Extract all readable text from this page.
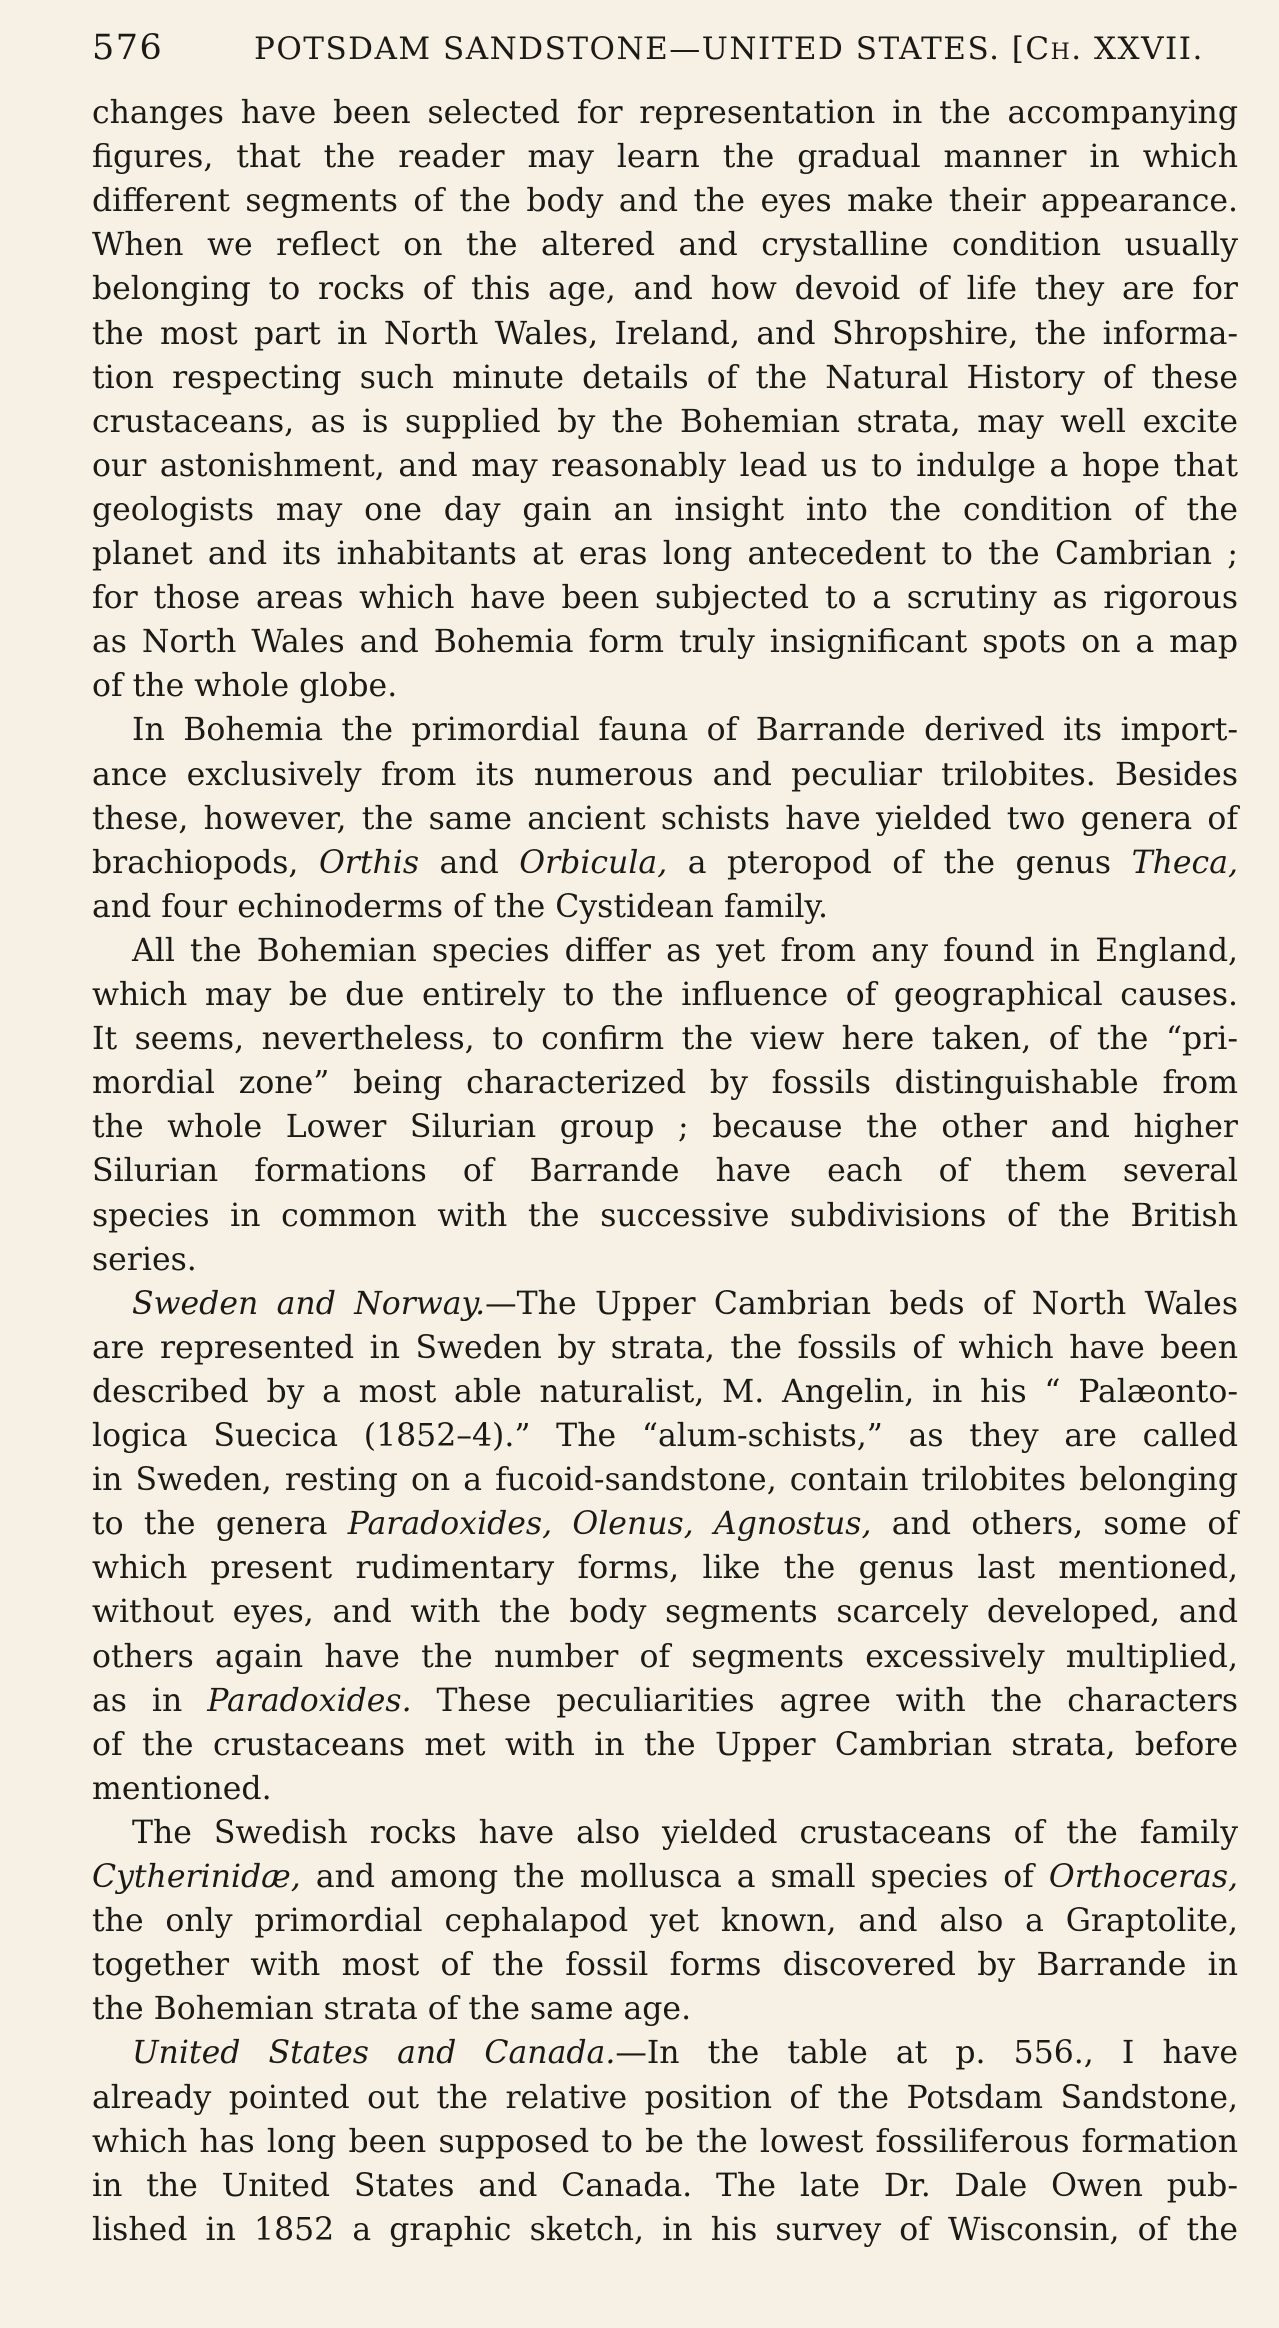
576	POTSDAM SANDSTONE—UNITED STATES. [Ch. XXVII.
changes have been selected for representation in the accompanying
figures, that the reader may learn the gradual manner in which
different segments of the body and the eyes make their appearance.
When we reflect on the altered and crystalline condition usually
belonging to rocks of this age, and how devoid of life they are for
the most part in North Wales, Ireland, and Shropshire, the informa-
tion respecting such minute details of the Natural History of these
crustaceans, as is supplied by the Bohemian strata, may well excite
our astonishment, and may reasonably lead us to indulge a hope that
geologists may one day gain an insight into the condition of the
planet and its inhabitants at eras long antecedent to the Cambrian ;
for those areas which have been subjected to a scrutiny as rigorous
as North Wales and Bohemia form truly insignificant spots on a map
of the whole globe.
In Bohemia the primordial fauna of Barrande derived its import-
ance exclusively from its numerous and peculiar trilobites. Besides
these, however, the same ancient schists have yielded two genera of
brachiopods, Orthis and Orbicula, a pteropod of the genus Theca,
and four echinoderms of the Cystidean family.
All the Bohemian species differ as yet from any found in England,
which may be due entirely to the influence of geographical causes.
It seems, nevertheless, to confirm the view here taken, of the “pri-
mordial zone” being characterized by fossils distinguishable from
the whole Lower Silurian group ; because the other and higher
Silurian formations of Barrande have each of them several
species in common with the successive subdivisions of the British
series.
Sweden and Norway.—The Upper Cambrian beds of North Wales
are represented in Sweden by strata, the fossils of which have been
described by a most able naturalist, M. Angelin, in his “ Palæonto-
logica Suecica (1852–4).” The “alum-schists,” as they are called
in Sweden, resting on a fucoid-sandstone, contain trilobites belonging
to the genera Paradoxides, Olenus, Agnostus, and others, some of
which present rudimentary forms, like the genus last mentioned,
without eyes, and with the body segments scarcely developed, and
others again have the number of segments excessively multiplied,
as in Paradoxides. These peculiarities agree with the characters
of the crustaceans met with in the Upper Cambrian strata, before
mentioned.
The Swedish rocks have also yielded crustaceans of the family
Cytherinidæ, and among the mollusca a small species of Orthoceras,
the only primordial cephalapod yet known, and also a Graptolite,
together with most of the fossil forms discovered by Barrande in
the Bohemian strata of the same age.
United States and Canada.—In the table at p. 556., I have
already pointed out the relative position of the Potsdam Sandstone,
which has long been supposed to be the lowest fossiliferous formation
in the United States and Canada. The late Dr. Dale Owen pub-
lished in 1852 a graphic sketch, in his survey of Wisconsin, of the
